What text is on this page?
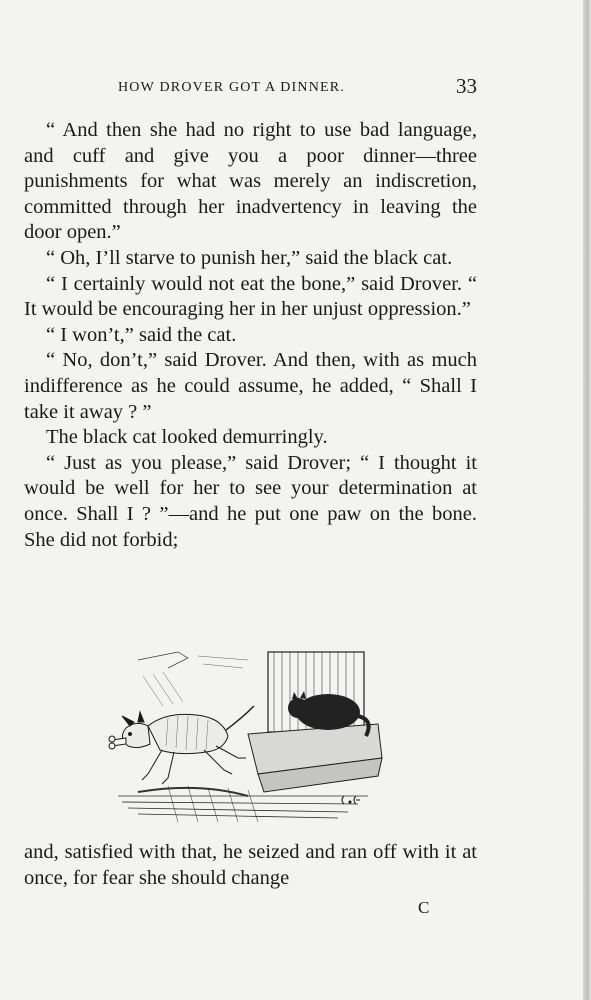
HOW DROVER GOT A DINNER.	33

“ And then she had no right to use bad language, and cuff and give you a poor dinner—three punishments for what was merely an indiscretion, committed through her inadvertency in leaving the door open.”

“ Oh, I’ll starve to punish her,” said the black cat.

“ I certainly would not eat the bone,” said Drover. “ It would be encouraging her in her unjust oppression.”

“ I won’t,” said the cat.

“ No, don’t,” said Drover. And then, with as much indifference as he could assume, he added, “ Shall I take it away ? ”

The black cat looked demurringly.

“ Just as you please,” said Drover; “ I thought it would be well for her to see your determination at once. Shall I ? ”—and he put one paw on the bone. She did not forbid;

and, satisfied with that, he seized and ran off with it at once, for fear she should change

C
